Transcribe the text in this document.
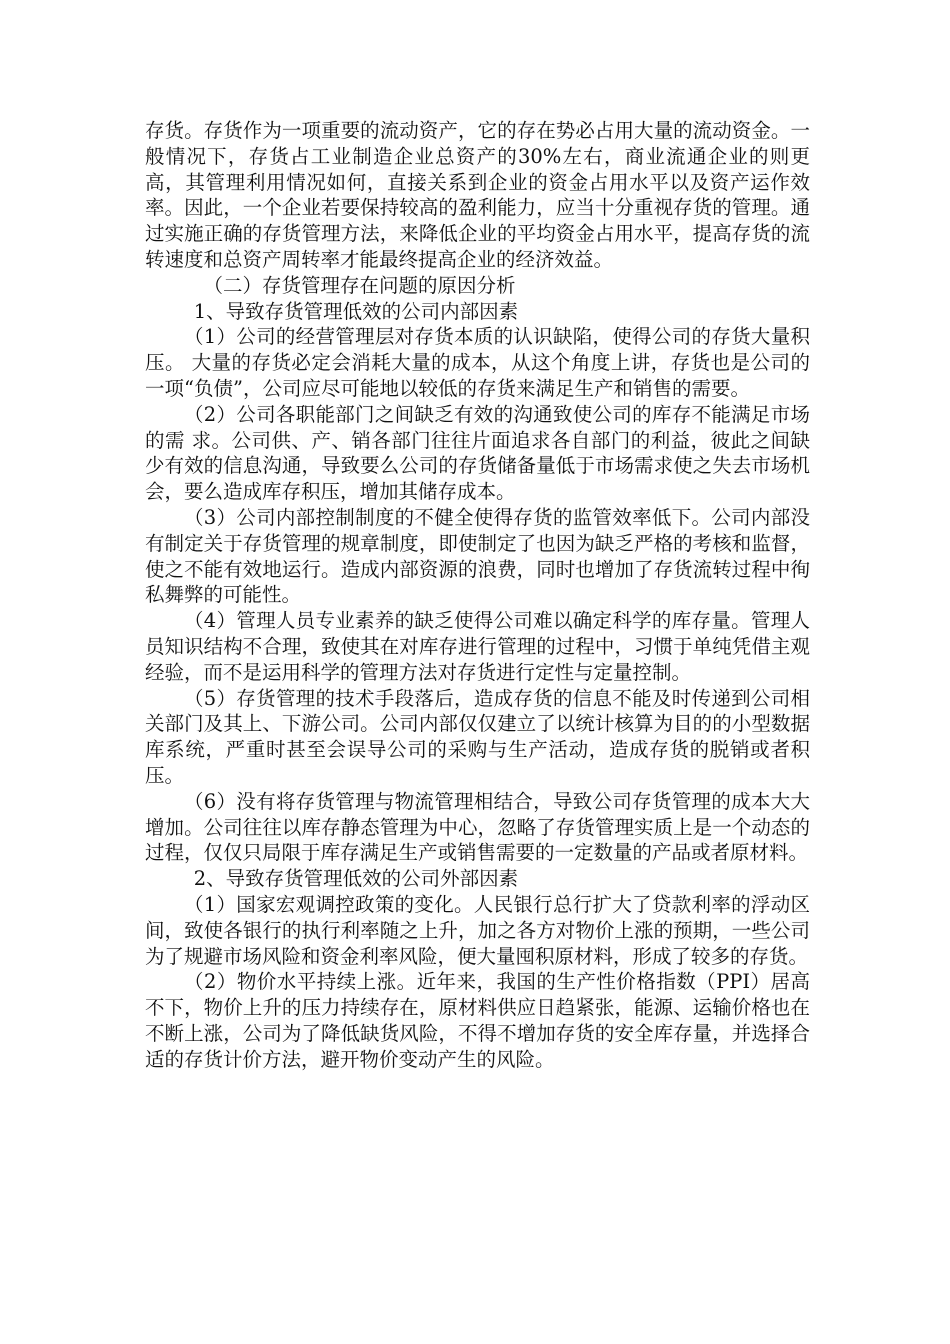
存货。存货作为一项重要的流动资产，它的存在势必占用大量的流动资金。一般情况下，存货占工业制造企业总资产的30%左右，商业流通企业的则更高，其管理利用情况如何，直接关系到企业的资金占用水平以及资产运作效率。因此，一个企业若要保持较高的盈利能力，应当十分重视存货的管理。通过实施正确的存货管理方法，来降低企业的平均资金占用水平，提高存货的流转速度和总资产周转率才能最终提高企业的经济效益。

（二）存货管理存在问题的原因分析

1、导致存货管理低效的公司内部因素

（1）公司的经营管理层对存货本质的认识缺陷，使得公司的存货大量积压。 大量的存货必定会消耗大量的成本，从这个角度上讲，存货也是公司的一项“负债”，公司应尽可能地以较低的存货来满足生产和销售的需要。

（2）公司各职能部门之间缺乏有效的沟通致使公司的库存不能满足市场的需 求。公司供、产、销各部门往往片面追求各自部门的利益，彼此之间缺少有效的信息沟通，导致要么公司的存货储备量低于市场需求使之失去市场机会，要么造成库存积压，增加其储存成本。

（3）公司内部控制制度的不健全使得存货的监管效率低下。公司内部没有制定关于存货管理的规章制度，即使制定了也因为缺乏严格的考核和监督，使之不能有效地运行。造成内部资源的浪费，同时也增加了存货流转过程中徇私舞弊的可能性。

（4）管理人员专业素养的缺乏使得公司难以确定科学的库存量。管理人员知识结构不合理，致使其在对库存进行管理的过程中，习惯于单纯凭借主观经验，而不是运用科学的管理方法对存货进行定性与定量控制。

（5）存货管理的技术手段落后，造成存货的信息不能及时传递到公司相关部门及其上、下游公司。公司内部仅仅建立了以统计核算为目的的小型数据库系统，严重时甚至会误导公司的采购与生产活动，造成存货的脱销或者积压。

（6）没有将存货管理与物流管理相结合，导致公司存货管理的成本大大增加。公司往往以库存静态管理为中心，忽略了存货管理实质上是一个动态的过程，仅仅只局限于库存满足生产或销售需要的一定数量的产品或者原材料。

2、导致存货管理低效的公司外部因素

（1）国家宏观调控政策的变化。人民银行总行扩大了贷款利率的浮动区间，致使各银行的执行利率随之上升，加之各方对物价上涨的预期，一些公司为了规避市场风险和资金利率风险，便大量囤积原材料，形成了较多的存货。

（2）物价水平持续上涨。近年来，我国的生产性价格指数（PPI）居高不下，物价上升的压力持续存在，原材料供应日趋紧张，能源、运输价格也在不断上涨，公司为了降低缺货风险，不得不增加存货的安全库存量，并选择合适的存货计价方法，避开物价变动产生的风险。
